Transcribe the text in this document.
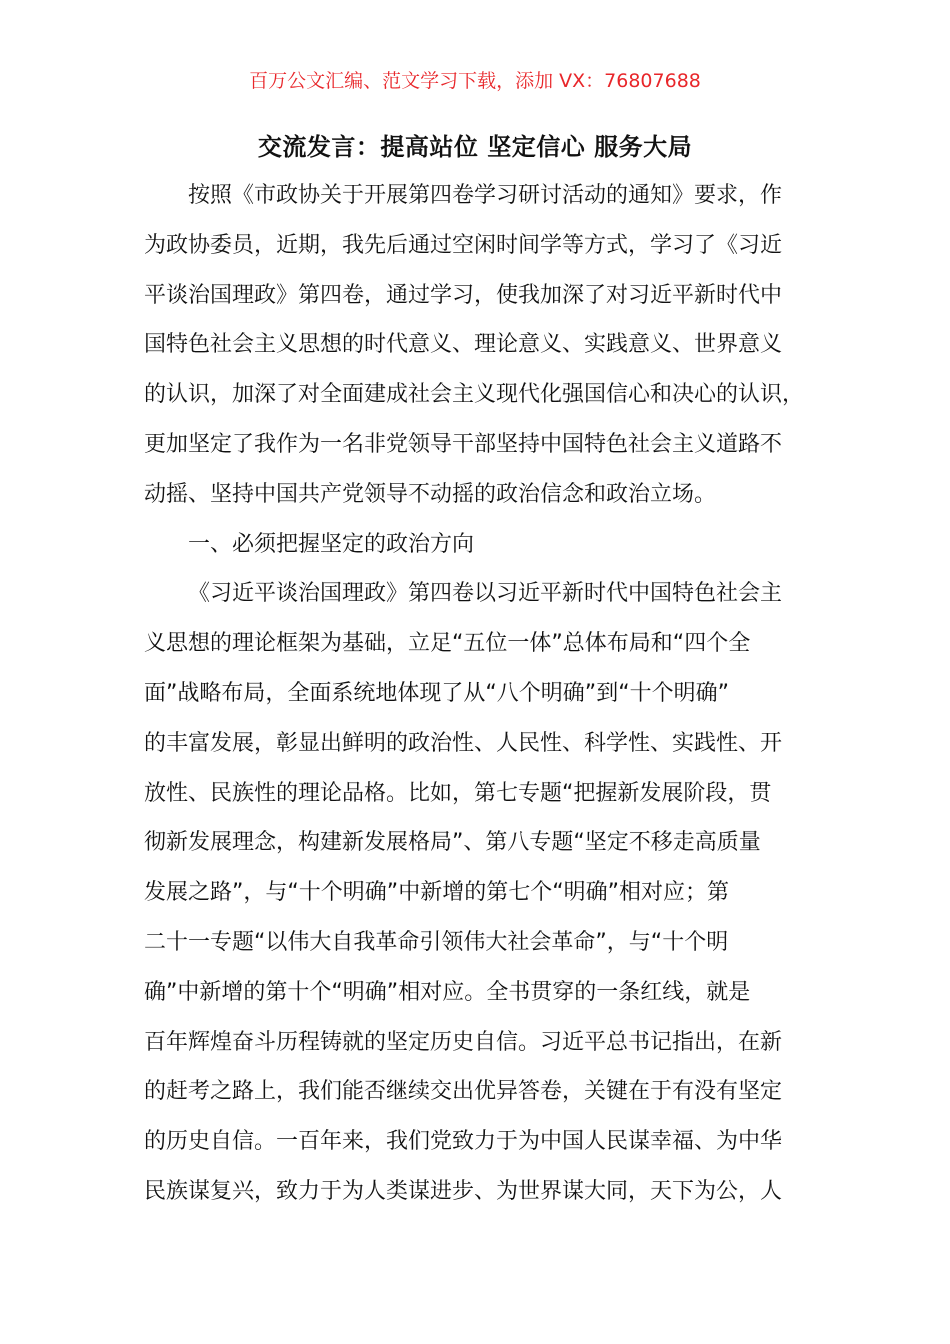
百万公文汇编、范文学习下载，添加 VX：76807688
交流发言：提高站位 坚定信心 服务大局
按照《市政协关于开展第四卷学习研讨活动的通知》要求，作
为政协委员，近期，我先后通过空闲时间学等方式，学习了《习近
平谈治国理政》第四卷，通过学习，使我加深了对习近平新时代中
国特色社会主义思想的时代意义、理论意义、实践意义、世界意义
的认识，加深了对全面建成社会主义现代化强国信心和决心的认识，
更加坚定了我作为一名非党领导干部坚持中国特色社会主义道路不
动摇、坚持中国共产党领导不动摇的政治信念和政治立场。
一、必须把握坚定的政治方向
《习近平谈治国理政》第四卷以习近平新时代中国特色社会主
义思想的理论框架为基础，立足“五位一体”总体布局和“四个全
面”战略布局，全面系统地体现了从“八个明确”到“十个明确”
的丰富发展，彰显出鲜明的政治性、人民性、科学性、实践性、开
放性、民族性的理论品格。比如，第七专题“把握新发展阶段，贯
彻新发展理念，构建新发展格局”、第八专题“坚定不移走高质量
发展之路”，与“十个明确”中新增的第七个“明确”相对应；第
二十一专题“以伟大自我革命引领伟大社会革命”，与“十个明
确”中新增的第十个“明确”相对应。全书贯穿的一条红线，就是
百年辉煌奋斗历程铸就的坚定历史自信。习近平总书记指出，在新
的赶考之路上，我们能否继续交出优异答卷，关键在于有没有坚定
的历史自信。一百年来，我们党致力于为中国人民谋幸福、为中华
民族谋复兴，致力于为人类谋进步、为世界谋大同，天下为公，人
